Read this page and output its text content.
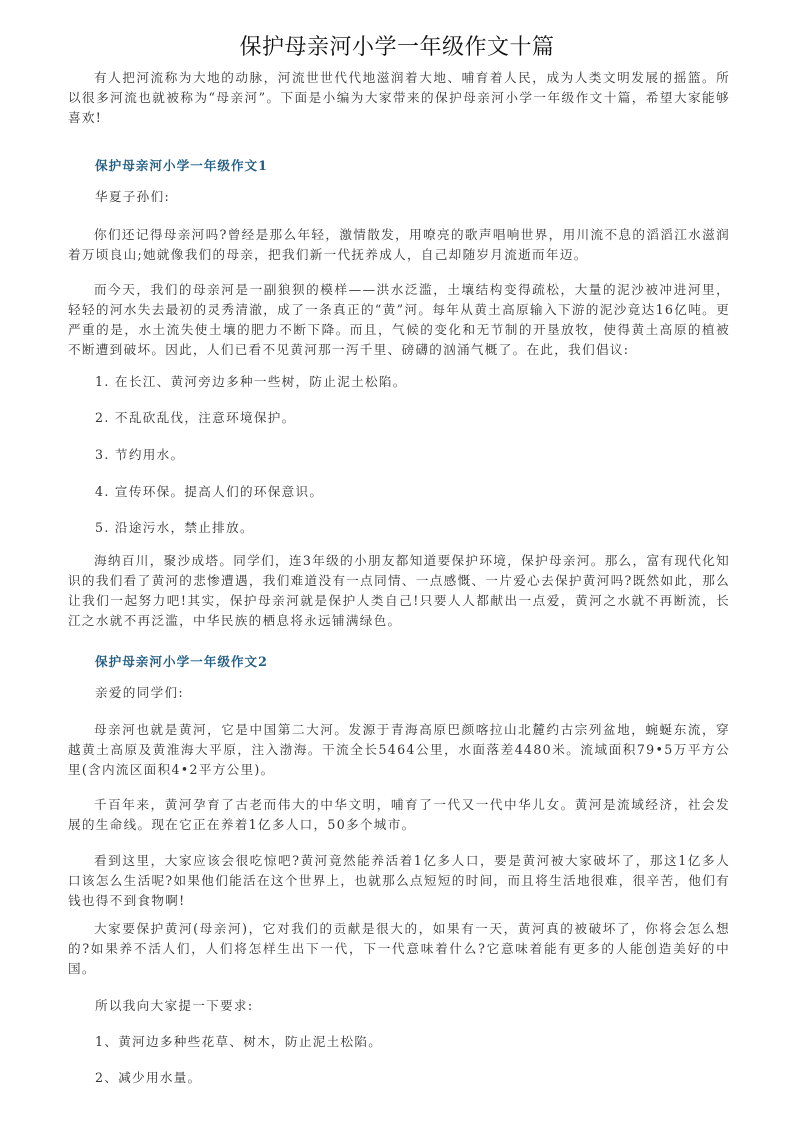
保护母亲河小学一年级作文十篇
有人把河流称为大地的动脉，河流世世代代地滋润着大地、哺育着人民，成为人类文明发展的摇篮。所以很多河流也就被称为“母亲河”。下面是小编为大家带来的保护母亲河小学一年级作文十篇，希望大家能够喜欢!
保护母亲河小学一年级作文1
华夏子孙们:
你们还记得母亲河吗?曾经是那么年轻，激情散发，用嘹亮的歌声唱响世界，用川流不息的滔滔江水滋润着万顷良山;她就像我们的母亲，把我们新一代抚养成人，自己却随岁月流逝而年迈。
而今天，我们的母亲河是一副狼狈的模样——洪水泛滥，土壤结构变得疏松，大量的泥沙被冲进河里，轻轻的河水失去最初的灵秀清澈，成了一条真正的“黄”河。每年从黄土高原输入下游的泥沙竟达16亿吨。更严重的是，水土流失使土壤的肥力不断下降。而且，气候的变化和无节制的开垦放牧，使得黄土高原的植被不断遭到破坏。因此，人们已看不见黄河那一泻千里、磅礴的汹涌气概了。在此，我们倡议:
1. 在长江、黄河旁边多种一些树，防止泥土松陷。
2. 不乱砍乱伐，注意环境保护。
3. 节约用水。
4. 宣传环保。提高人们的环保意识。
5. 沿途污水，禁止排放。
海纳百川，聚沙成塔。同学们，连3年级的小朋友都知道要保护环境，保护母亲河。那么，富有现代化知识的我们看了黄河的悲惨遭遇，我们难道没有一点同情、一点感慨、一片爱心去保护黄河吗?既然如此，那么让我们一起努力吧!其实，保护母亲河就是保护人类自己!只要人人都献出一点爱，黄河之水就不再断流，长江之水就不再泛滥，中华民族的栖息将永远铺满绿色。
保护母亲河小学一年级作文2
亲爱的同学们:
母亲河也就是黄河，它是中国第二大河。发源于青海高原巴颜喀拉山北麓约古宗列盆地，蜿蜒东流，穿越黄土高原及黄淮海大平原，注入渤海。干流全长5464公里，水面落差4480米。流域面积79•5万平方公里(含内流区面积4•2平方公里)。
千百年来，黄河孕育了古老而伟大的中华文明，哺育了一代又一代中华儿女。黄河是流域经济，社会发展的生命线。现在它正在养着1亿多人口，50多个城市。
看到这里，大家应该会很吃惊吧?黄河竟然能养活着1亿多人口，要是黄河被大家破坏了，那这1亿多人口该怎么生活呢?如果他们能活在这个世界上，也就那么点短短的时间，而且将生活地很难，很辛苦，他们有钱也得不到食物啊!
大家要保护黄河(母亲河)，它对我们的贡献是很大的，如果有一天，黄河真的被破坏了，你将会怎么想的?如果养不活人们，人们将怎样生出下一代，下一代意味着什么?它意味着能有更多的人能创造美好的中国。
所以我向大家提一下要求:
1、黄河边多种些花草、树木，防止泥土松陷。
2、减少用水量。
